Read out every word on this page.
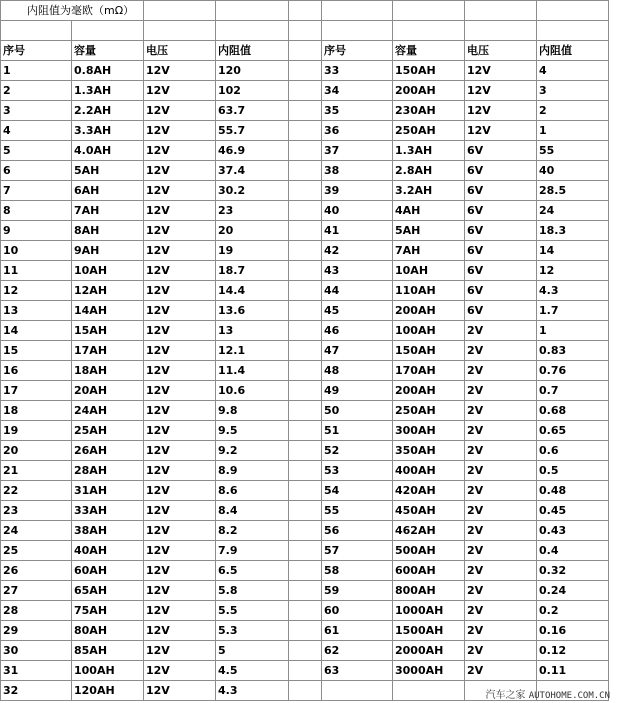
内阻值为毫欧（mΩ）								

序号	容量	电压	内阻值		序号	容量	电压	内阻值
1	0.8AH	12V	120		33	150AH	12V	4
2	1.3AH	12V	102		34	200AH	12V	3
3	2.2AH	12V	63.7		35	230AH	12V	2
4	3.3AH	12V	55.7		36	250AH	12V	1
5	4.0AH	12V	46.9		37	1.3AH	6V	55
6	5AH	12V	37.4		38	2.8AH	6V	40
7	6AH	12V	30.2		39	3.2AH	6V	28.5
8	7AH	12V	23		40	4AH	6V	24
9	8AH	12V	20		41	5AH	6V	18.3
10	9AH	12V	19		42	7AH	6V	14
11	10AH	12V	18.7		43	10AH	6V	12
12	12AH	12V	14.4		44	110AH	6V	4.3
13	14AH	12V	13.6		45	200AH	6V	1.7
14	15AH	12V	13		46	100AH	2V	1
15	17AH	12V	12.1		47	150AH	2V	0.83
16	18AH	12V	11.4		48	170AH	2V	0.76
17	20AH	12V	10.6		49	200AH	2V	0.7
18	24AH	12V	9.8		50	250AH	2V	0.68
19	25AH	12V	9.5		51	300AH	2V	0.65
20	26AH	12V	9.2		52	350AH	2V	0.6
21	28AH	12V	8.9		53	400AH	2V	0.5
22	31AH	12V	8.6		54	420AH	2V	0.48
23	33AH	12V	8.4		55	450AH	2V	0.45
24	38AH	12V	8.2		56	462AH	2V	0.43
25	40AH	12V	7.9		57	500AH	2V	0.4
26	60AH	12V	6.5		58	600AH	2V	0.32
27	65AH	12V	5.8		59	800AH	2V	0.24
28	75AH	12V	5.5		60	1000AH	2V	0.2
29	80AH	12V	5.3		61	1500AH	2V	0.16
30	85AH	12V	5		62	2000AH	2V	0.12
31	100AH	12V	4.5		63	3000AH	2V	0.11
32	120AH	12V	4.3						汽车之家 AUTOHOME.COM.CN
